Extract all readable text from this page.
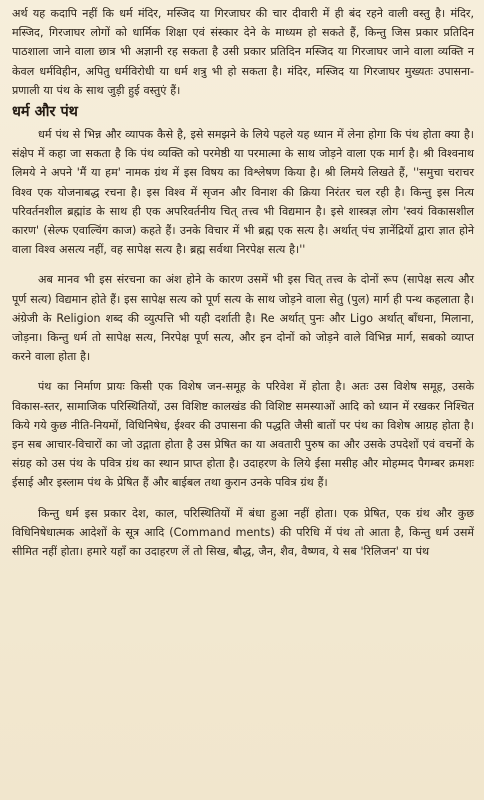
अर्थ यह कदापि नहीं कि धर्म मंदिर, मस्जिद या गिरजाघर की चार दीवारी में ही बंद रहने वाली वस्तु है। मंदिर, मस्जिद, गिरजाघर लोगों को धार्मिक शिक्षा एवं संस्कार देने के माध्यम हो सकते हैं, किन्तु जिस प्रकार प्रतिदिन पाठशाला जाने वाला छात्र भी अज्ञानी रह सकता है उसी प्रकार प्रतिदिन मस्जिद या गिरजाघर जाने वाला व्यक्ति न केवल धर्मविहीन, अपितु धर्मविरोधी या धर्म शत्रु भी हो सकता है। मंदिर, मस्जिद या गिरजाघर मुख्यतः उपासना-प्रणाली या पंथ के साथ जुड़ी हुई वस्तुएं हैं।

धर्म और पंथ

धर्म पंथ से भिन्न और व्यापक कैसे है, इसे समझने के लिये पहले यह ध्यान में लेना होगा कि पंथ होता क्या है। संक्षेप में कहा जा सकता है कि पंथ व्यक्ति को परमेष्ठी या परमात्मा के साथ जोड़ने वाला एक मार्ग है। श्री विश्वनाथ लिमये ने अपने 'मैं या हम' नामक ग्रंथ में इस विषय का विश्लेषण किया है। श्री लिमये लिखते हैं, ''समुचा चराचर विश्व एक योजनाबद्ध रचना है। इस विश्व में सृजन और विनाश की क्रिया निरंतर चल रही है। किन्तु इस नित्य परिवर्तनशील ब्रह्मांड के साथ ही एक अपरिवर्तनीय चित् तत्त्व भी विद्यमान है। इसे शास्त्रज्ञ लोग 'स्वयं विकासशील कारण' (सेल्फ एवाल्विंग काज) कहते हैं। उनके विचार में भी ब्रह्म एक सत्य है। अर्थात् पंच ज्ञानेंद्रियों द्वारा ज्ञात होने वाला विश्व असत्य नहीं, वह सापेक्ष सत्य है। ब्रह्म सर्वथा निरपेक्ष सत्य है।''

अब मानव भी इस संरचना का अंश होने के कारण उसमें भी इस चित् तत्त्व के दोनों रूप (सापेक्ष सत्य और पूर्ण सत्य) विद्यमान होते हैं। इस सापेक्ष सत्य को पूर्ण सत्य के साथ जोड़ने वाला सेतु (पुल) मार्ग ही पन्थ कहलाता है। अंग्रेजी के Religion शब्द की व्युत्पत्ति भी यही दर्शाती है। Re अर्थात् पुनः और Ligo अर्थात् बाँधना, मिलाना, जोड़ना। किन्तु धर्म तो सापेक्ष सत्य, निरपेक्ष पूर्ण सत्य, और इन दोनों को जोड़ने वाले विभिन्न मार्ग, सबको व्याप्त करने वाला होता है।

पंथ का निर्माण प्रायः किसी एक विशेष जन-समूह के परिवेश में होता है। अतः उस विशेष समूह, उसके विकास-स्तर, सामाजिक परिस्थितियों, उस विशिष्ट कालखंड की विशिष्ट समस्याओं आदि को ध्यान में रखकर निश्चित किये गये कुछ नीति-नियमों, विधिनिषेध, ईश्वर की उपासना की पद्धति जैसी बातों पर पंथ का विशेष आग्रह होता है। इन सब आचार-विचारों का जो उद्गाता होता है उस प्रेषित का या अवतारी पुरुष का और उसके उपदेशों एवं वचनों के संग्रह को उस पंथ के पवित्र ग्रंथ का स्थान प्राप्त होता है। उदाहरण के लिये ईसा मसीह और मोहम्मद पैगम्बर क्रमशः ईसाई और इस्लाम पंथ के प्रेषित हैं और बाईबल तथा कुरान उनके पवित्र ग्रंथ हैं।

किन्तु धर्म इस प्रकार देश, काल, परिस्थितियों में बंधा हुआ नहीं होता। एक प्रेषित, एक ग्रंथ और कुछ विधिनिषेधात्मक आदेशों के सूत्र आदि (Command ments) की परिधि में पंथ तो आता है, किन्तु धर्म उसमें सीमित नहीं होता। हमारे यहाँ का उदाहरण लें तो सिख, बौद्ध, जैन, शैव, वैष्णव, ये सब 'रिलिजन' या पंथ
